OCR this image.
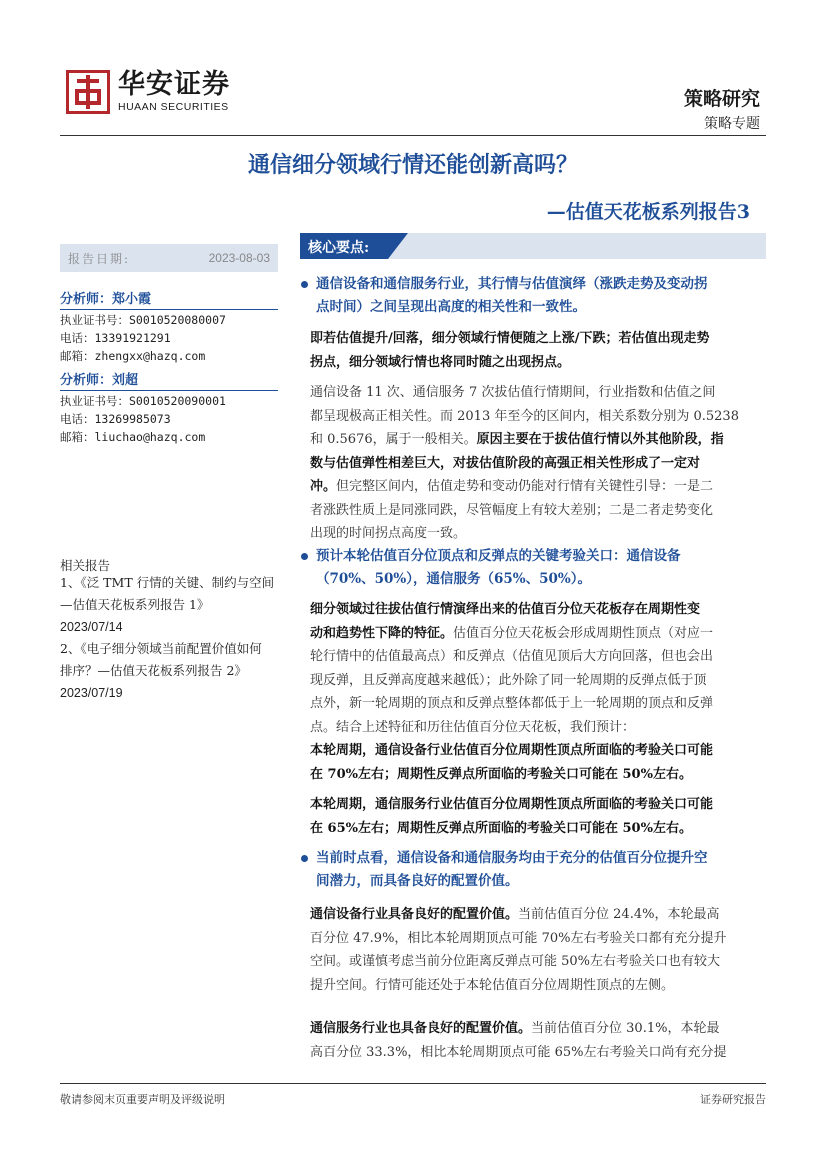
华安证券
HUAAN SECURITIES	策略研究
策略专题
通信细分领域行情还能创新高吗？
—估值天花板系列报告3
报告日期:	2023-08-03
分析师：郑小霞
执业证书号：S0010520080007
电话：13391921291
邮箱：zhengxx@hazq.com
分析师：刘超
执业证书号：S0010520090001
电话：13269985073
邮箱：liuchao@hazq.com
相关报告
1、《泛 TMT 行情的关键、制约与空间
—估值天花板系列报告 1》
2023/07/14
2、《电子细分领域当前配置价值如何
排序？—估值天花板系列报告 2》
2023/07/19
核心要点:
通信设备和通信服务行业，其行情与估值演绎（涨跌走势及变动拐
点时间）之间呈现出高度的相关性和一致性。
即若估值提升/回落，细分领域行情便随之上涨/下跌；若估值出现走势
拐点，细分领域行情也将同时随之出现拐点。
通信设备 11 次、通信服务 7 次拔估值行情期间，行业指数和估值之间
都呈现极高正相关性。而 2013 年至今的区间内，相关系数分别为 0.5238
和 0.5676，属于一般相关。原因主要在于拔估值行情以外其他阶段，指
数与估值弹性相差巨大，对拔估值阶段的高强正相关性形成了一定对
冲。但完整区间内，估值走势和变动仍能对行情有关键性引导：一是二
者涨跌性质上是同涨同跌，尽管幅度上有较大差别；二是二者走势变化
出现的时间拐点高度一致。
预计本轮估值百分位顶点和反弹点的关键考验关口：通信设备
（70%、50%），通信服务（65%、50%）。
细分领域过往拔估值行情演绎出来的估值百分位天花板存在周期性变
动和趋势性下降的特征。估值百分位天花板会形成周期性顶点（对应一
轮行情中的估值最高点）和反弹点（估值见顶后大方向回落，但也会出
现反弹，且反弹高度越来越低）；此外除了同一轮周期的反弹点低于顶
点外，新一轮周期的顶点和反弹点整体都低于上一轮周期的顶点和反弹
点。结合上述特征和历往估值百分位天花板，我们预计：
本轮周期，通信设备行业估值百分位周期性顶点所面临的考验关口可能
在 70%左右；周期性反弹点所面临的考验关口可能在 50%左右。
本轮周期，通信服务行业估值百分位周期性顶点所面临的考验关口可能
在 65%左右；周期性反弹点所面临的考验关口可能在 50%左右。
当前时点看，通信设备和通信服务均由于充分的估值百分位提升空
间潜力，而具备良好的配置价值。
通信设备行业具备良好的配置价值。当前估值百分位 24.4%，本轮最高
百分位 47.9%，相比本轮周期顶点可能 70%左右考验关口都有充分提升
空间。或谨慎考虑当前分位距离反弹点可能 50%左右考验关口也有较大
提升空间。行情可能还处于本轮估值百分位周期性顶点的左侧。
通信服务行业也具备良好的配置价值。当前估值百分位 30.1%，本轮最
高百分位 33.3%，相比本轮周期顶点可能 65%左右考验关口尚有充分提
敬请参阅末页重要声明及评级说明	证券研究报告
